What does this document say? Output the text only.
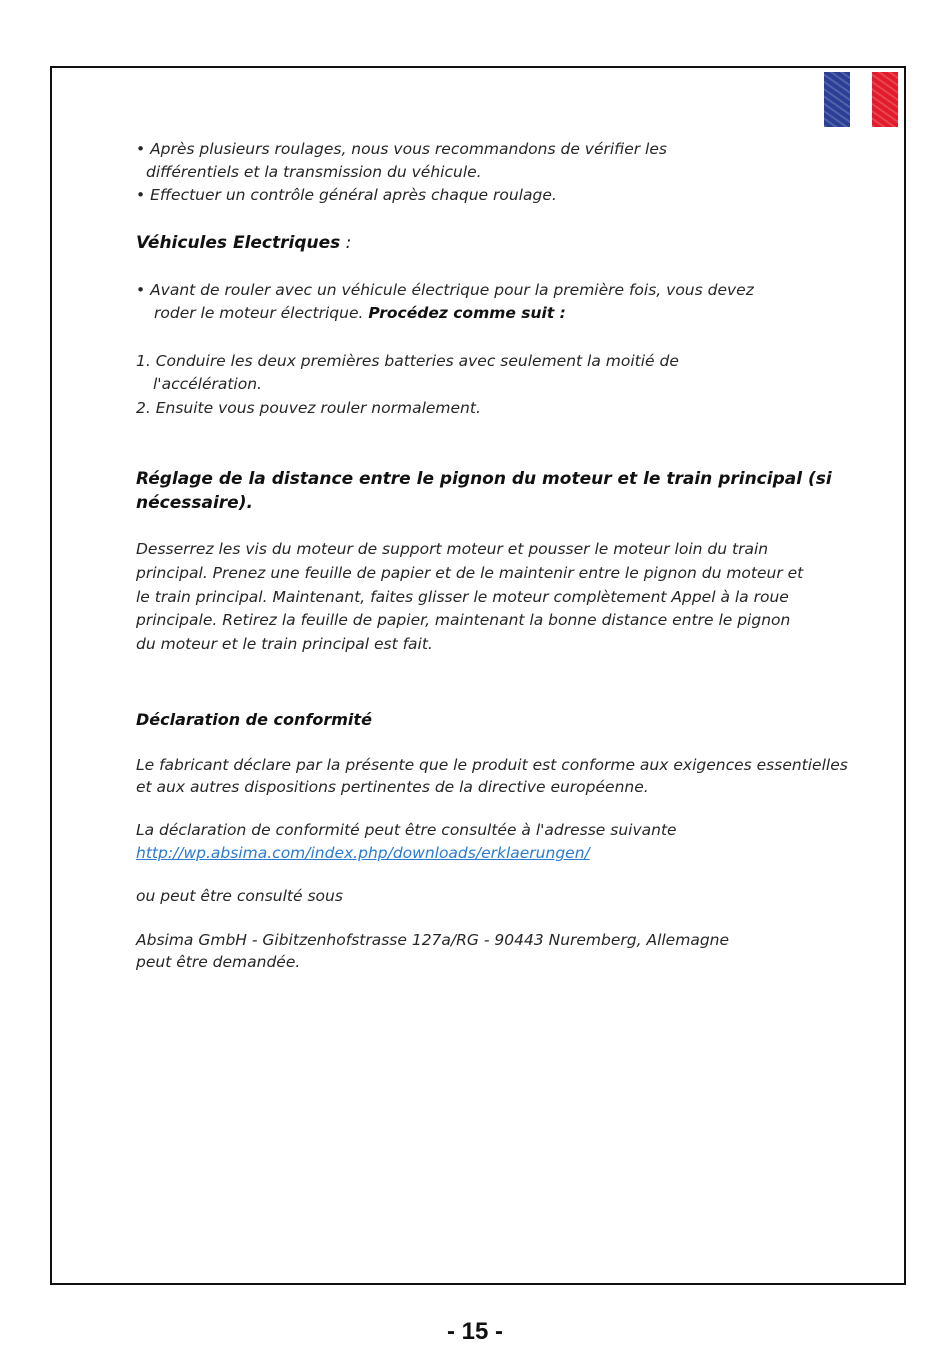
• Après plusieurs roulages, nous vous recommandons de vérifier les
différentiels et la transmission du véhicule.
• Effectuer un contrôle général après chaque roulage.
Véhicules Electriques :
• Avant de rouler avec un véhicule électrique pour la première fois, vous devez
roder le moteur électrique. Procédez comme suit :
1. Conduire les deux premières batteries avec seulement la moitié de
l'accélération.
2. Ensuite vous pouvez rouler normalement.
Réglage de la distance entre le pignon du moteur et le train principal (si
nécessaire).
Desserrez les vis du moteur de support moteur et pousser le moteur loin du train
principal. Prenez une feuille de papier et de le maintenir entre le pignon du moteur et
le train principal. Maintenant, faites glisser le moteur complètement Appel à la roue
principale. Retirez la feuille de papier, maintenant la bonne distance entre le pignon
du moteur et le train principal est fait.
Déclaration de conformité
Le fabricant déclare par la présente que le produit est conforme aux exigences essentielles
et aux autres dispositions pertinentes de la directive européenne.
La déclaration de conformité peut être consultée à l'adresse suivante
http://wp.absima.com/index.php/downloads/erklaerungen/
ou peut être consulté sous
Absima GmbH - Gibitzenhofstrasse 127a/RG - 90443 Nuremberg, Allemagne
peut être demandée.
- 15 -
